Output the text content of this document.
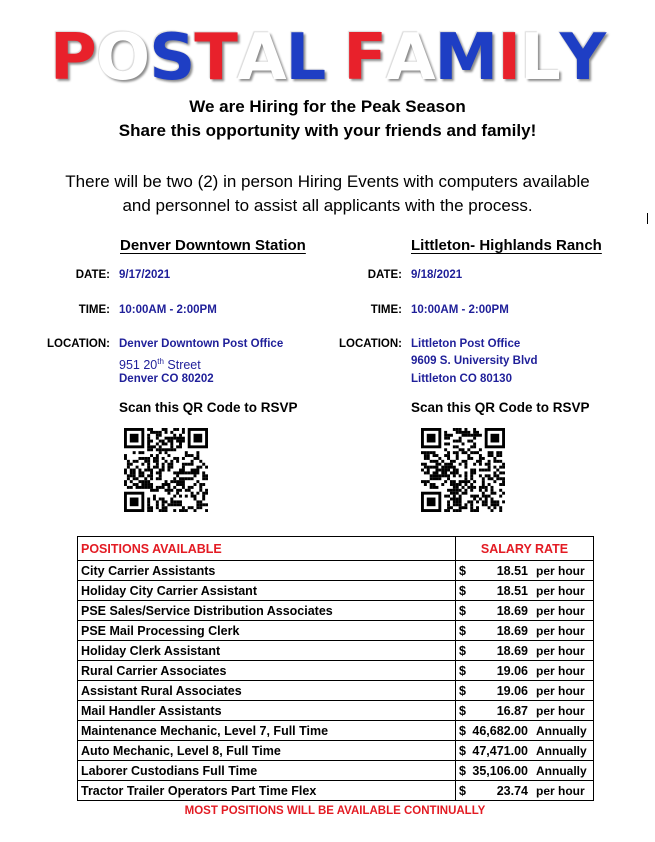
POSTAL FAMILY
We are Hiring for the Peak Season
Share this opportunity with your friends and family!
There will be two (2) in person Hiring Events with computers available
and personnel to assist all applicants with the process.
Denver Downtown Station
DATE: 9/17/2021
TIME: 10:00AM - 2:00PM
LOCATION: Denver Downtown Post Office
951 20th Street
Denver CO 80202
Scan this QR Code to RSVP
Littleton- Highlands Ranch
DATE: 9/18/2021
TIME: 10:00AM - 2:00PM
LOCATION: Littleton Post Office
9609 S. University Blvd
Littleton CO 80130
Scan this QR Code to RSVP
POSITIONS AVAILABLE	SALARY RATE
City Carrier Assistants	$ 18.51 per hour
Holiday City Carrier Assistant	$ 18.51 per hour
PSE Sales/Service Distribution Associates	$ 18.69 per hour
PSE Mail Processing Clerk	$ 18.69 per hour
Holiday Clerk Assistant	$ 18.69 per hour
Rural Carrier Associates	$ 19.06 per hour
Assistant Rural Associates	$ 19.06 per hour
Mail Handler Assistants	$ 16.87 per hour
Maintenance Mechanic, Level 7, Full Time	$ 46,682.00 Annually
Auto Mechanic, Level 8, Full Time	$ 47,471.00 Annually
Laborer Custodians Full Time	$ 35,106.00 Annually
Tractor Trailer Operators Part Time Flex	$ 23.74 per hour
MOST POSITIONS WILL BE AVAILABLE CONTINUALLY
